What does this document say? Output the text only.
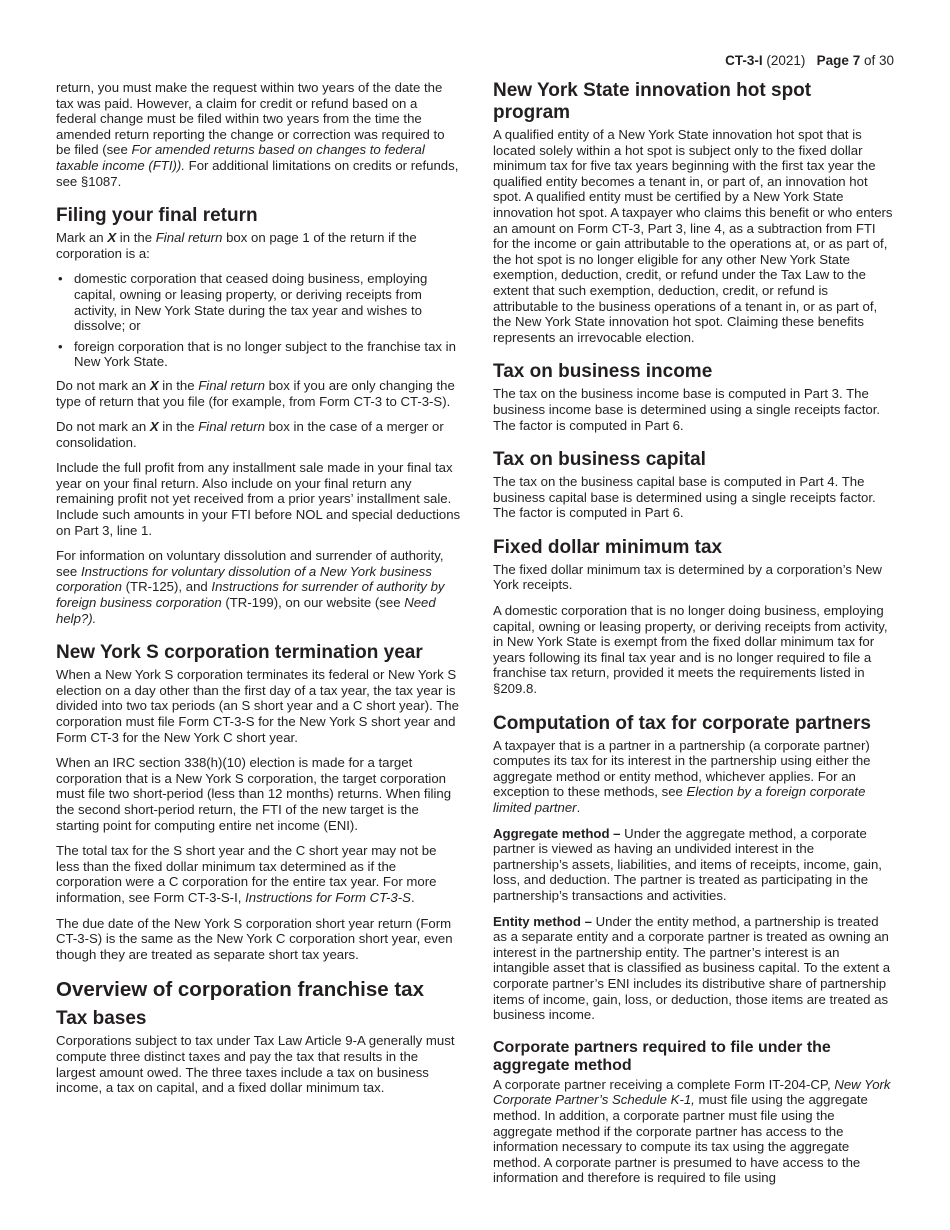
CT-3-I (2021) Page 7 of 30

return, you must make the request within two years of the date the tax was paid. However, a claim for credit or refund based on a federal change must be filed within two years from the time the amended return reporting the change or correction was required to be filed (see For amended returns based on changes to federal taxable income (FTI)). For additional limitations on credits or refunds, see §1087.

Filing your final return

Mark an X in the Final return box on page 1 of the return if the corporation is a:

• domestic corporation that ceased doing business, employing capital, owning or leasing property, or deriving receipts from activity, in New York State during the tax year and wishes to dissolve; or
• foreign corporation that is no longer subject to the franchise tax in New York State.

Do not mark an X in the Final return box if you are only changing the type of return that you file (for example, from Form CT-3 to CT-3-S).

Do not mark an X in the Final return box in the case of a merger or consolidation.

Include the full profit from any installment sale made in your final tax year on your final return. Also include on your final return any remaining profit not yet received from a prior years’ installment sale. Include such amounts in your FTI before NOL and special deductions on Part 3, line 1.

For information on voluntary dissolution and surrender of authority, see Instructions for voluntary dissolution of a New York business corporation (TR-125), and Instructions for surrender of authority by foreign business corporation (TR-199), on our website (see Need help?).

New York S corporation termination year

When a New York S corporation terminates its federal or New York S election on a day other than the first day of a tax year, the tax year is divided into two tax periods (an S short year and a C short year). The corporation must file Form CT-3-S for the New York S short year and Form CT-3 for the New York C short year.

When an IRC section 338(h)(10) election is made for a target corporation that is a New York S corporation, the target corporation must file two short-period (less than 12 months) returns. When filing the second short-period return, the FTI of the new target is the starting point for computing entire net income (ENI).

The total tax for the S short year and the C short year may not be less than the fixed dollar minimum tax determined as if the corporation were a C corporation for the entire tax year. For more information, see Form CT-3-S-I, Instructions for Form CT-3-S.

The due date of the New York S corporation short year return (Form CT-3-S) is the same as the New York C corporation short year, even though they are treated as separate short tax years.

Overview of corporation franchise tax
Tax bases

Corporations subject to tax under Tax Law Article 9-A generally must compute three distinct taxes and pay the tax that results in the largest amount owed. The three taxes include a tax on business income, a tax on capital, and a fixed dollar minimum tax.

New York State innovation hot spot program

A qualified entity of a New York State innovation hot spot that is located solely within a hot spot is subject only to the fixed dollar minimum tax for five tax years beginning with the first tax year the qualified entity becomes a tenant in, or part of, an innovation hot spot. A qualified entity must be certified by a New York State innovation hot spot. A taxpayer who claims this benefit or who enters an amount on Form CT-3, Part 3, line 4, as a subtraction from FTI for the income or gain attributable to the operations at, or as part of, the hot spot is no longer eligible for any other New York State exemption, deduction, credit, or refund under the Tax Law to the extent that such exemption, deduction, credit, or refund is attributable to the business operations of a tenant in, or as part of, the New York State innovation hot spot. Claiming these benefits represents an irrevocable election.

Tax on business income

The tax on the business income base is computed in Part 3. The business income base is determined using a single receipts factor. The factor is computed in Part 6.

Tax on business capital

The tax on the business capital base is computed in Part 4. The business capital base is determined using a single receipts factor. The factor is computed in Part 6.

Fixed dollar minimum tax

The fixed dollar minimum tax is determined by a corporation’s New York receipts.

A domestic corporation that is no longer doing business, employing capital, owning or leasing property, or deriving receipts from activity, in New York State is exempt from the fixed dollar minimum tax for years following its final tax year and is no longer required to file a franchise tax return, provided it meets the requirements listed in §209.8.

Computation of tax for corporate partners

A taxpayer that is a partner in a partnership (a corporate partner) computes its tax for its interest in the partnership using either the aggregate method or entity method, whichever applies. For an exception to these methods, see Election by a foreign corporate limited partner.

Aggregate method – Under the aggregate method, a corporate partner is viewed as having an undivided interest in the partnership’s assets, liabilities, and items of receipts, income, gain, loss, and deduction. The partner is treated as participating in the partnership’s transactions and activities.

Entity method – Under the entity method, a partnership is treated as a separate entity and a corporate partner is treated as owning an interest in the partnership entity. The partner’s interest is an intangible asset that is classified as business capital. To the extent a corporate partner’s ENI includes its distributive share of partnership items of income, gain, loss, or deduction, those items are treated as business income.

Corporate partners required to file under the aggregate method

A corporate partner receiving a complete Form IT-204-CP, New York Corporate Partner’s Schedule K-1, must file using the aggregate method. In addition, a corporate partner must file using the aggregate method if the corporate partner has access to the information necessary to compute its tax using the aggregate method. A corporate partner is presumed to have access to the information and therefore is required to file using
